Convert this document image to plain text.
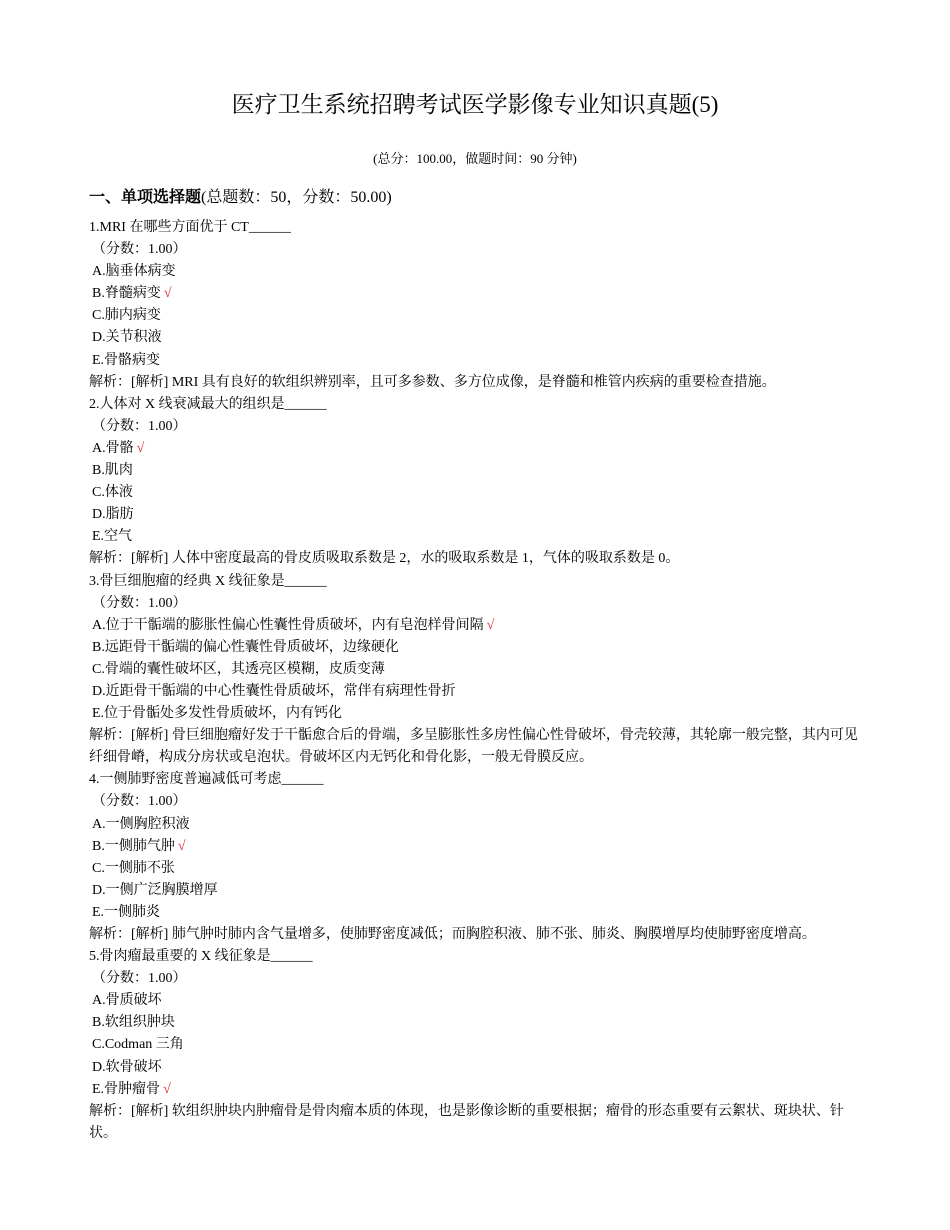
医疗卫生系统招聘考试医学影像专业知识真题(5)
(总分：100.00，做题时间：90 分钟)
一、单项选择题(总题数：50，分数：50.00)
1.MRI 在哪些方面优于 CT______
（分数：1.00）
A.脑垂体病变
B.脊髓病变 √
C.肺内病变
D.关节积液
E.骨骼病变
解析：[解析] MRI 具有良好的软组织辨别率，且可多参数、多方位成像，是脊髓和椎管内疾病的重要检查措施。
2.人体对 X 线衰减最大的组织是______
（分数：1.00）
A.骨骼 √
B.肌肉
C.体液
D.脂肪
E.空气
解析：[解析] 人体中密度最高的骨皮质吸取系数是 2，水的吸取系数是 1，气体的吸取系数是 0。
3.骨巨细胞瘤的经典 X 线征象是______
（分数：1.00）
A.位于干骺端的膨胀性偏心性囊性骨质破坏，内有皂泡样骨间隔 √
B.远距骨干骺端的偏心性囊性骨质破坏，边缘硬化
C.骨端的囊性破坏区，其透亮区模糊，皮质变薄
D.近距骨干骺端的中心性囊性骨质破坏，常伴有病理性骨折
E.位于骨骺处多发性骨质破坏，内有钙化
解析：[解析] 骨巨细胞瘤好发于干骺愈合后的骨端，多呈膨胀性多房性偏心性骨破坏，骨壳较薄，其轮廓一般完整，其内可见纤细骨嵴，构成分房状或皂泡状。骨破坏区内无钙化和骨化影，一般无骨膜反应。
4.一侧肺野密度普遍减低可考虑______
（分数：1.00）
A.一侧胸腔积液
B.一侧肺气肿 √
C.一侧肺不张
D.一侧广泛胸膜增厚
E.一侧肺炎
解析：[解析] 肺气肿时肺内含气量增多，使肺野密度减低；而胸腔积液、肺不张、肺炎、胸膜增厚均使肺野密度增高。
5.骨肉瘤最重要的 X 线征象是______
（分数：1.00）
A.骨质破坏
B.软组织肿块
C.Codman 三角
D.软骨破坏
E.骨肿瘤骨 √
解析：[解析] 软组织肿块内肿瘤骨是骨肉瘤本质的体现，也是影像诊断的重要根据；瘤骨的形态重要有云絮状、斑块状、针状。
